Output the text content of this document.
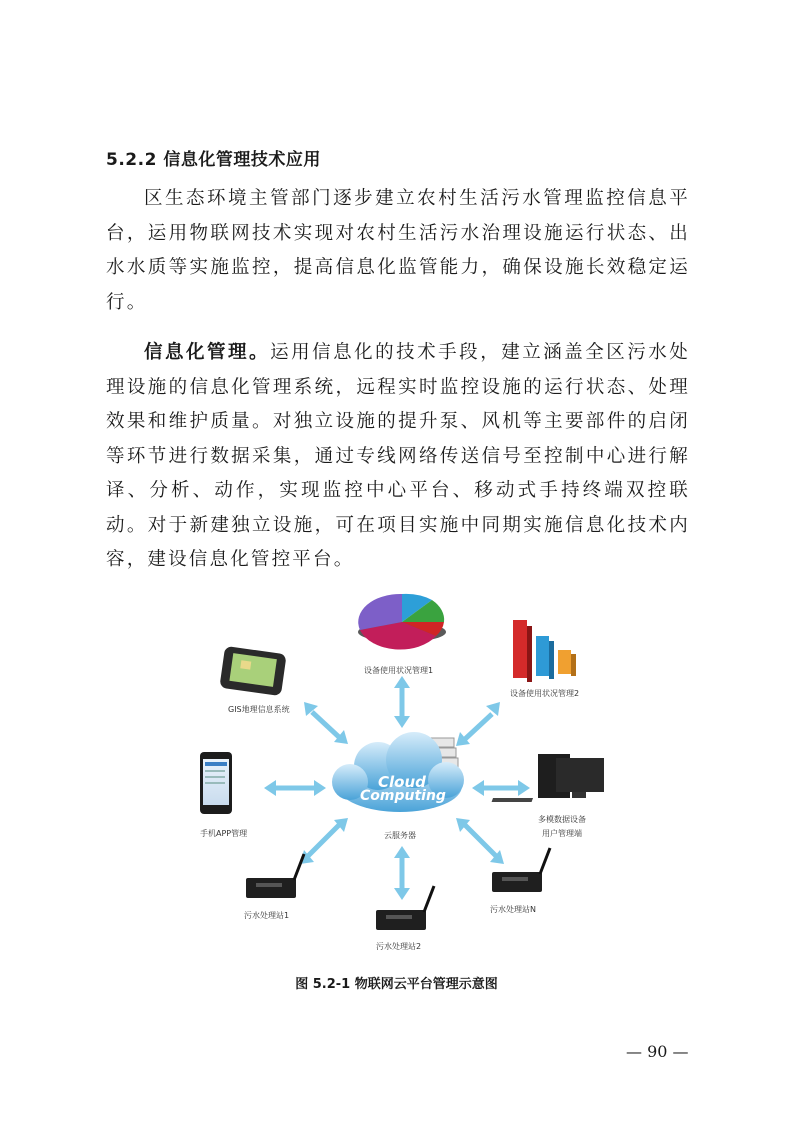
5.2.2 信息化管理技术应用

区生态环境主管部门逐步建立农村生活污水管理监控信息平台，运用物联网技术实现对农村生活污水治理设施运行状态、出水水质等实施监控，提高信息化监管能力，确保设施长效稳定运行。

信息化管理。运用信息化的技术手段，建立涵盖全区污水处理设施的信息化管理系统，远程实时监控设施的运行状态、处理效果和维护质量。对独立设施的提升泵、风机等主要部件的启闭等环节进行数据采集，通过专线网络传送信号至控制中心进行解译、分析、动作，实现监控中心平台、移动式手持终端双控联动。对于新建独立设施，可在项目实施中同期实施信息化技术内容，建设信息化管控平台。

Cloud
Computing
设备使用状况管理1
设备使用状况管理2
GIS地理信息系统
手机APP管理
多模数据设备
用户管理端
云服务器
污水处理站1
污水处理站2
污水处理站N
图 5.2-1 物联网云平台管理示意图
— 90 —
